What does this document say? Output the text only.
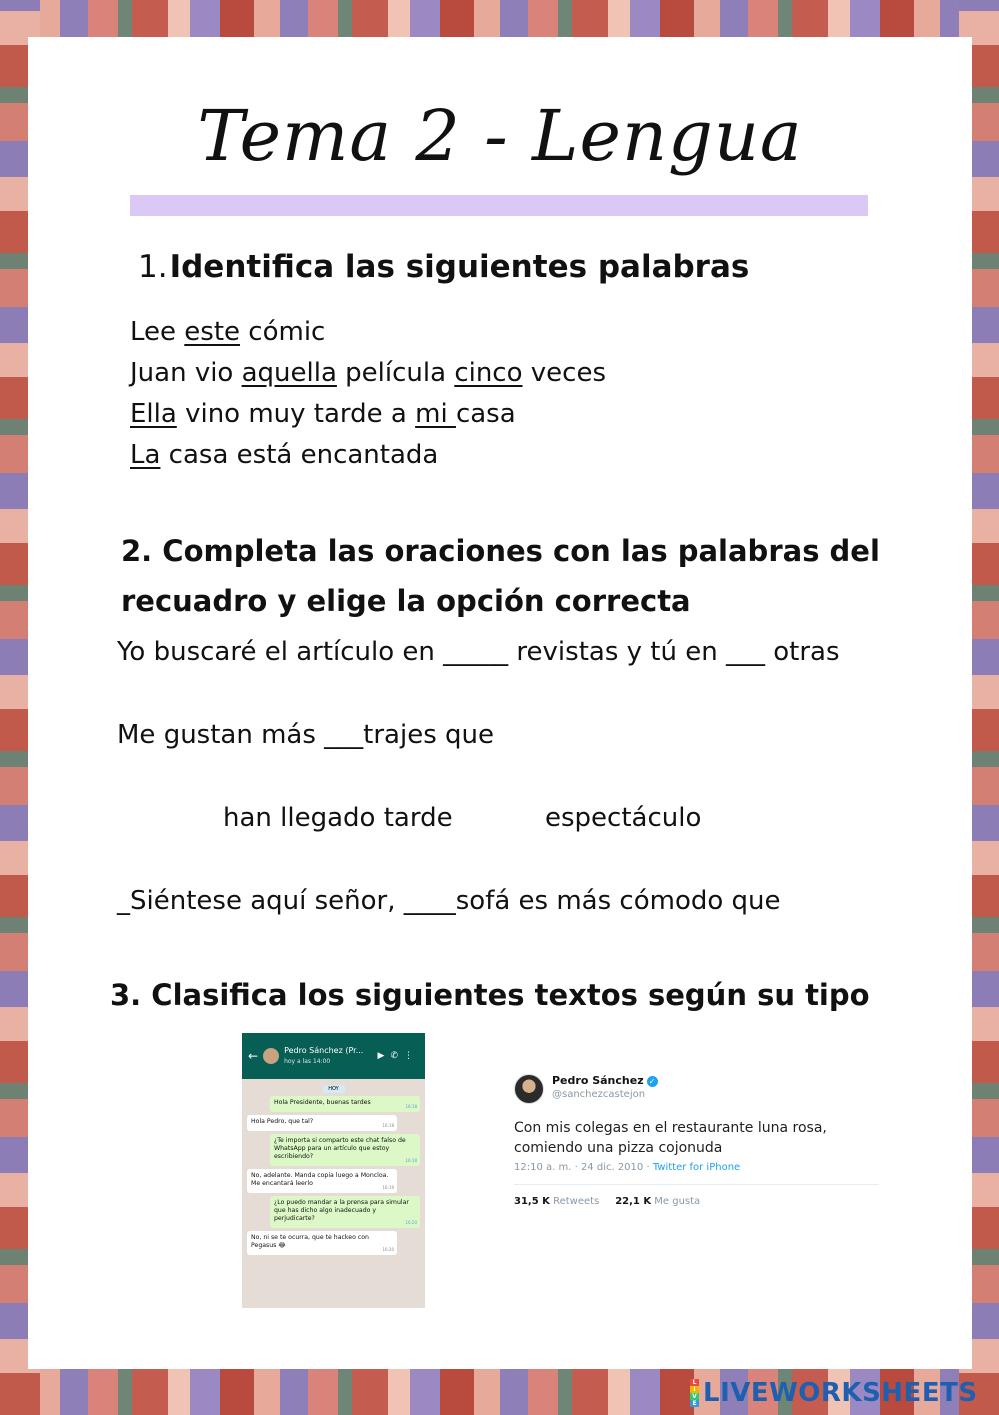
Tema 2 - Lengua
1.Identifica las siguientes palabras
Lee este cómic
Juan vio aquella película cinco veces
Ella vino muy tarde a mi casa
La casa está encantada
2. Completa las oraciones con las palabras del recuadro y elige la opción correcta
Yo buscaré el artículo en _____ revistas y tú en ___ otras
Me gustan más ___trajes que
han llegado tarde	espectáculo
_Siéntese aquí señor, ____sofá es más cómodo que
3. Clasifica los siguientes textos según su tipo
←	Pedro Sánchez (Pr...
hoy a las 14:00
▶✆⋮
HOY
Hola Presidente, buenas tardes
16:18
Hola Pedro, que tal?
16:18
¿Te importa si comparto este chat falso de WhatsApp para un artículo que estoy escribiendo?
16:18
No, adelante. Manda copia luego a Moncloa. Me encantará leerlo
16:19
¿Lo puedo mandar a la prensa para simular que has dicho algo inadecuado y perjudicarte?
16:20
No, ni se te ocurra, que te hackeo con Pegasus 😂
16:20
Pedro Sánchez ✓
@sanchezcastejon
Con mis colegas en el restaurante luna rosa, comiendo una pizza cojonuda
12:10 a. m. · 24 dic. 2010 · Twitter for iPhone
31,5 K Retweets 22,1 K Me gusta
L
I
V
E LIVEWORKSHEETS
